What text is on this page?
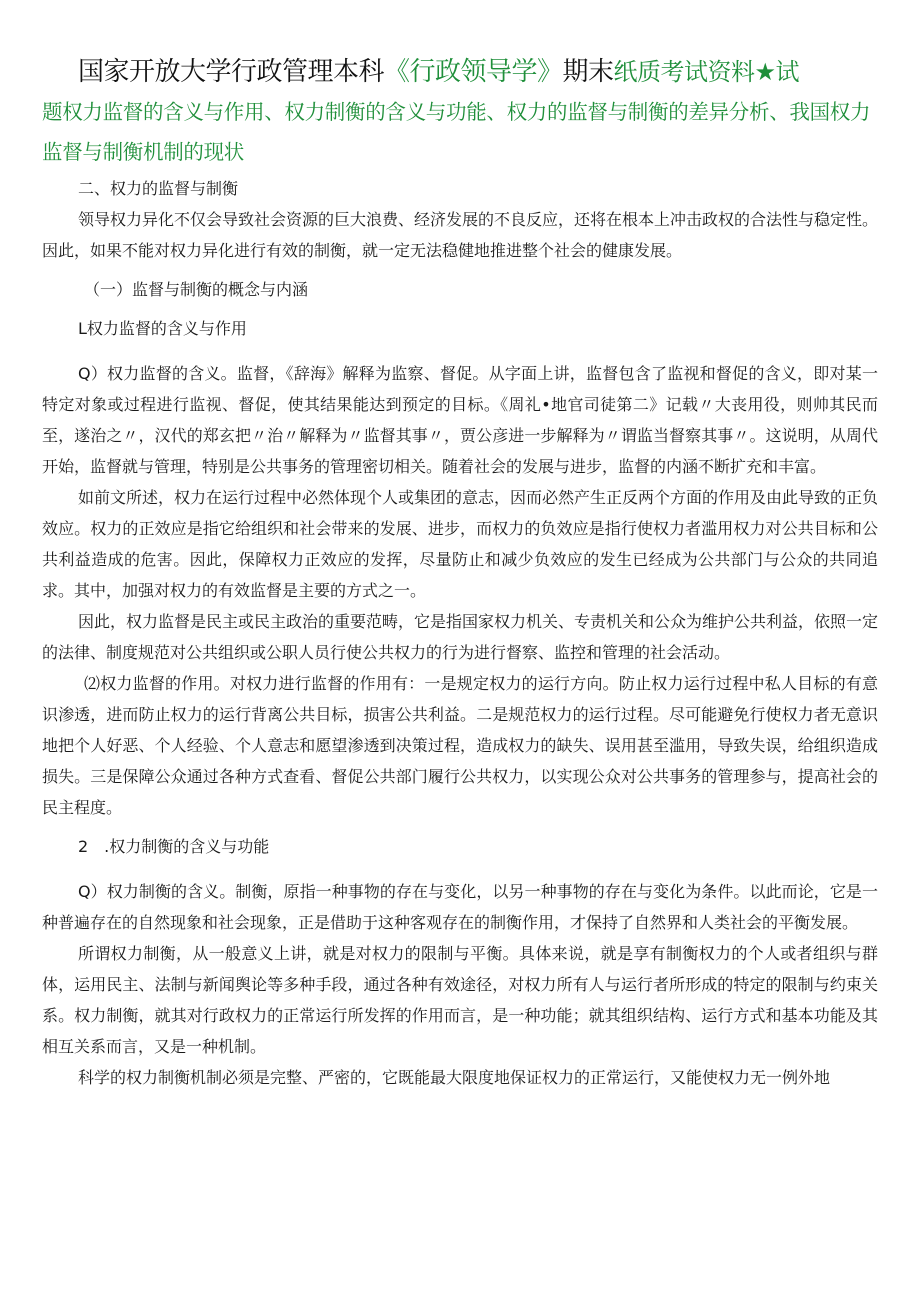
国家开放大学行政管理本科《行政领导学》期末纸质考试资料★试
题权力监督的含义与作用、权力制衡的含义与功能、权力的监督与制衡的差异分析、我国权力
监督与制衡机制的现状

二、权力的监督与制衡

领导权力异化不仅会导致社会资源的巨大浪费、经济发展的不良反应，还将在根本上冲击政权的合法性与稳定性。因此，如果不能对权力异化进行有效的制衡，就一定无法稳健地推进整个社会的健康发展。

（一）监督与制衡的概念与内涵

L权力监督的含义与作用

Q）权力监督的含义。监督，《辞海》解释为监察、督促。从字面上讲，监督包含了监视和督促的含义，即对某一特定对象或过程进行监视、督促，使其结果能达到预定的目标。《周礼•地官司徒第二》记载〃大丧用役，则帅其民而至，遂治之〃，汉代的郑玄把〃治〃解释为〃监督其事〃，贾公彦进一步解释为〃谓监当督察其事〃。这说明，从周代开始，监督就与管理，特别是公共事务的管理密切相关。随着社会的发展与进步，监督的内涵不断扩充和丰富。

如前文所述，权力在运行过程中必然体现个人或集团的意志，因而必然产生正反两个方面的作用及由此导致的正负效应。权力的正效应是指它给组织和社会带来的发展、进步，而权力的负效应是指行使权力者滥用权力对公共目标和公共利益造成的危害。因此，保障权力正效应的发挥，尽量防止和减少负效应的发生已经成为公共部门与公众的共同追求。其中，加强对权力的有效监督是主要的方式之一。

因此，权力监督是民主或民主政治的重要范畴，它是指国家权力机关、专责机关和公众为维护公共利益，依照一定的法律、制度规范对公共组织或公职人员行使公共权力的行为进行督察、监控和管理的社会活动。

⑵权力监督的作用。对权力进行监督的作用有：一是规定权力的运行方向。防止权力运行过程中私人目标的有意识渗透，进而防止权力的运行背离公共目标，损害公共利益。二是规范权力的运行过程。尽可能避免行使权力者无意识地把个人好恶、个人经验、个人意志和愿望渗透到决策过程，造成权力的缺失、误用甚至滥用，导致失误，给组织造成损失。三是保障公众通过各种方式查看、督促公共部门履行公共权力，以实现公众对公共事务的管理参与，提高社会的民主程度。

2　.权力制衡的含义与功能

Q）权力制衡的含义。制衡，原指一种事物的存在与变化，以另一种事物的存在与变化为条件。以此而论，它是一种普遍存在的自然现象和社会现象，正是借助于这种客观存在的制衡作用，才保持了自然界和人类社会的平衡发展。

所谓权力制衡，从一般意义上讲，就是对权力的限制与平衡。具体来说，就是享有制衡权力的个人或者组织与群体，运用民主、法制与新闻舆论等多种手段，通过各种有效途径，对权力所有人与运行者所形成的特定的限制与约束关系。权力制衡，就其对行政权力的正常运行所发挥的作用而言，是一种功能；就其组织结构、运行方式和基本功能及其相互关系而言，又是一种机制。

科学的权力制衡机制必须是完整、严密的，它既能最大限度地保证权力的正常运行，又能使权力无一例外地
